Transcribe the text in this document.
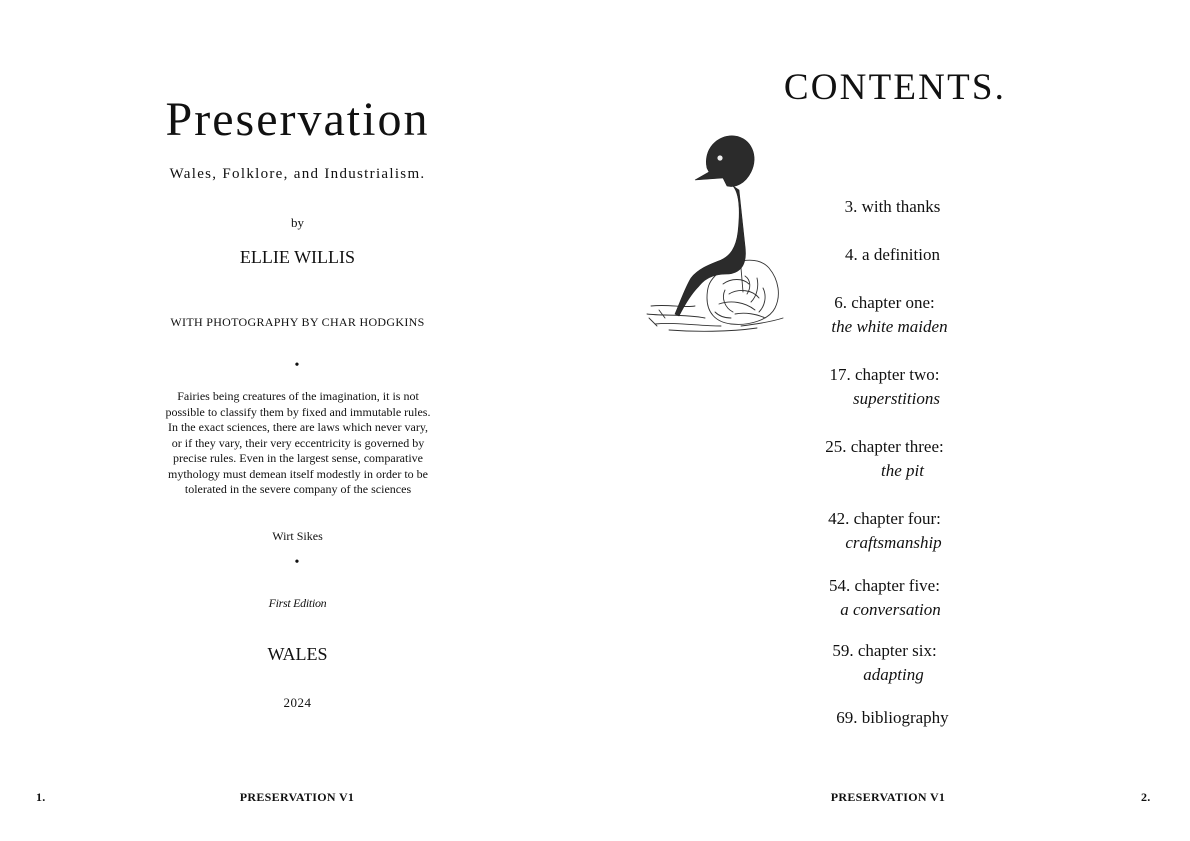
Preservation
Wales, Folklore, and Industrialism.
by
ELLIE WILLIS
WITH PHOTOGRAPHY BY CHAR HODGKINS
•
Fairies being creatures of the imagination, it is not possible to classify them by fixed and immutable rules. In the exact sciences, there are laws which never vary, or if they vary, their very eccentricity is governed by precise rules. Even in the largest sense, comparative mythology must demean itself modestly in order to be tolerated in the severe company of the sciences
Wirt Sikes
•
First Edition
WALES
2024
1.	PRESERVATION V1
CONTENTS.
3. with thanks
4. a definition
6. chapter one:
the white maiden
17. chapter two:
superstitions
25. chapter three:
the pit
42. chapter four:
craftsmanship
54. chapter five:
a conversation
59. chapter six:
adapting
69. bibliography
PRESERVATION V1	2.
